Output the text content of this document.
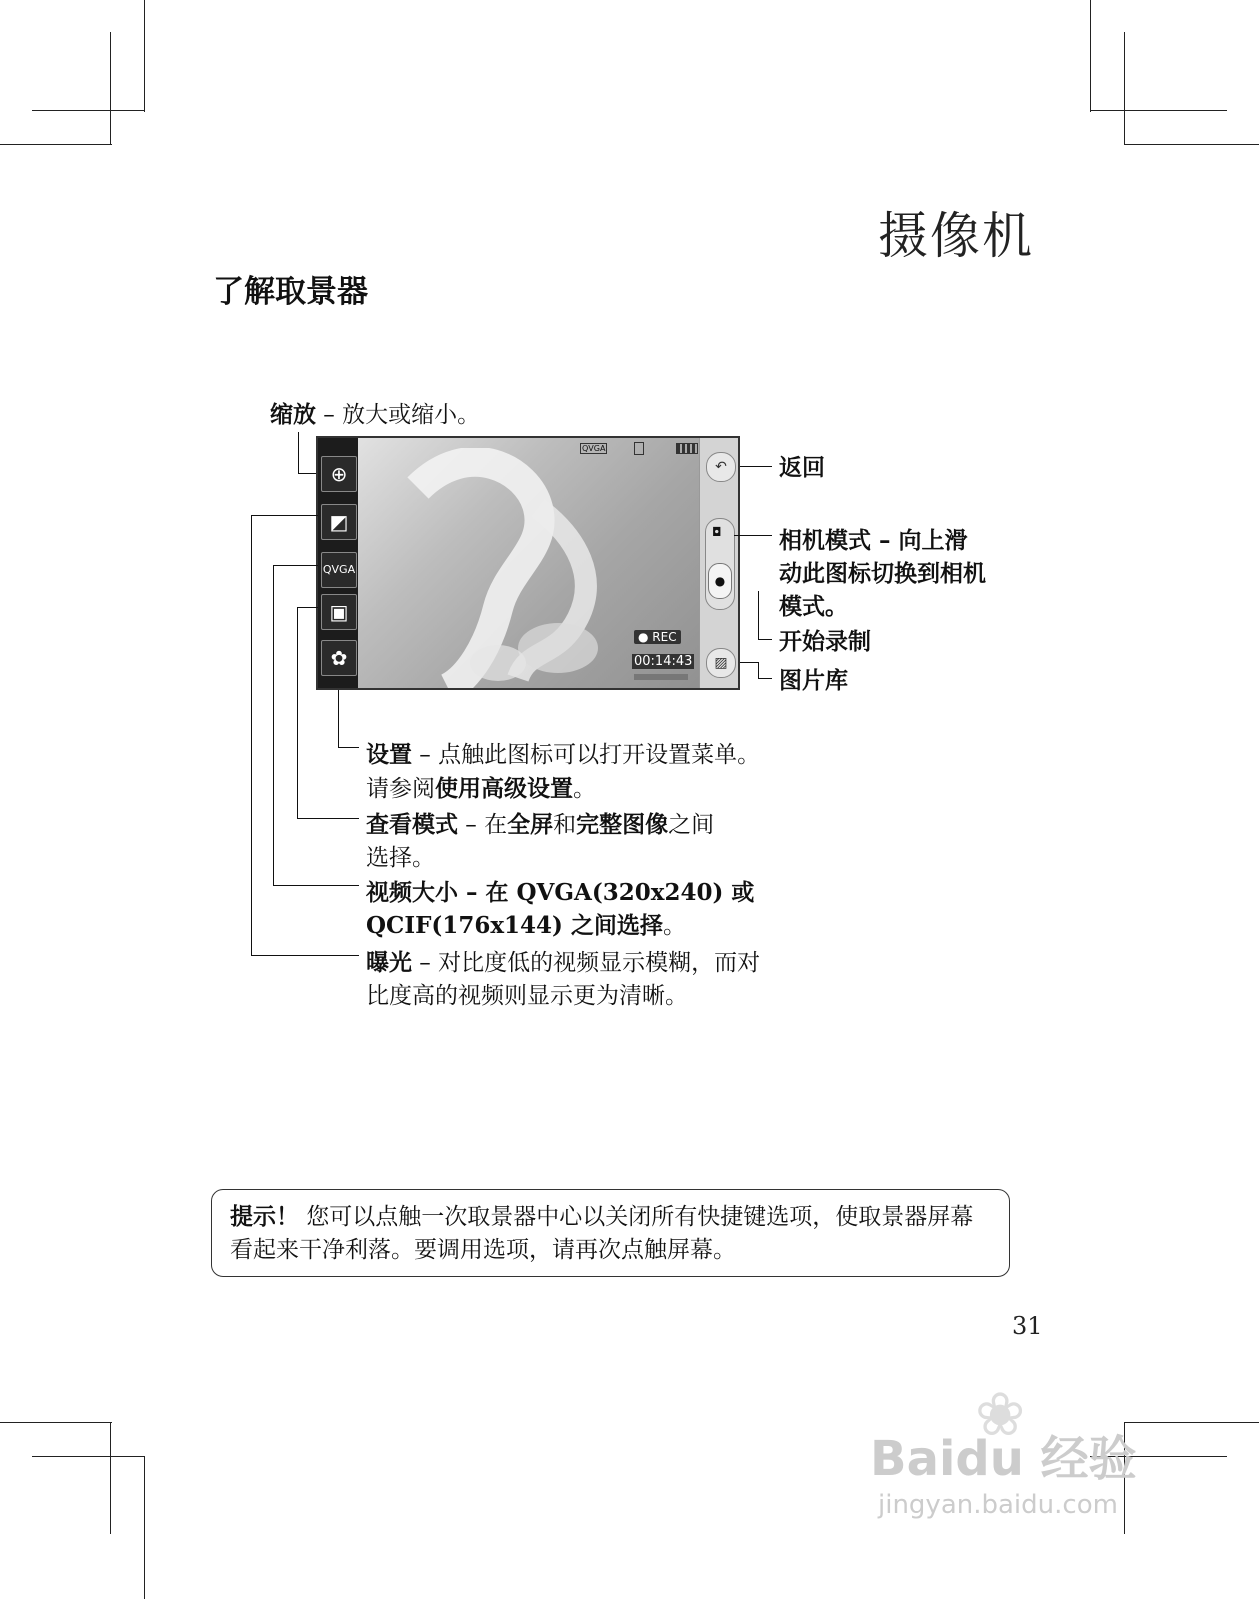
摄像机
了解取景器
缩放 – 放大或缩小。
⊕
◩
QVGA
▣
✿
QVGA
● REC
00:14:43
↶
◘
●
▨
返回
相机模式 – 向上滑
动此图标切换到相机
模式。
开始录制
图片库
设置 – 点触此图标可以打开设置菜单。
请参阅使用高级设置。
查看模式 – 在全屏和完整图像之间
选择。
视频大小 – 在 QVGA(320x240) 或
QCIF(176x144) 之间选择。
曝光 – 对比度低的视频显示模糊，而对
比度高的视频则显示更为清晰。
提示！ 您可以点触一次取景器中心以关闭所有快捷键选项，使取景器屏幕
看起来干净利落。要调用选项，请再次点触屏幕。
31
❀
Baidu 经验
jingyan.baidu.com
